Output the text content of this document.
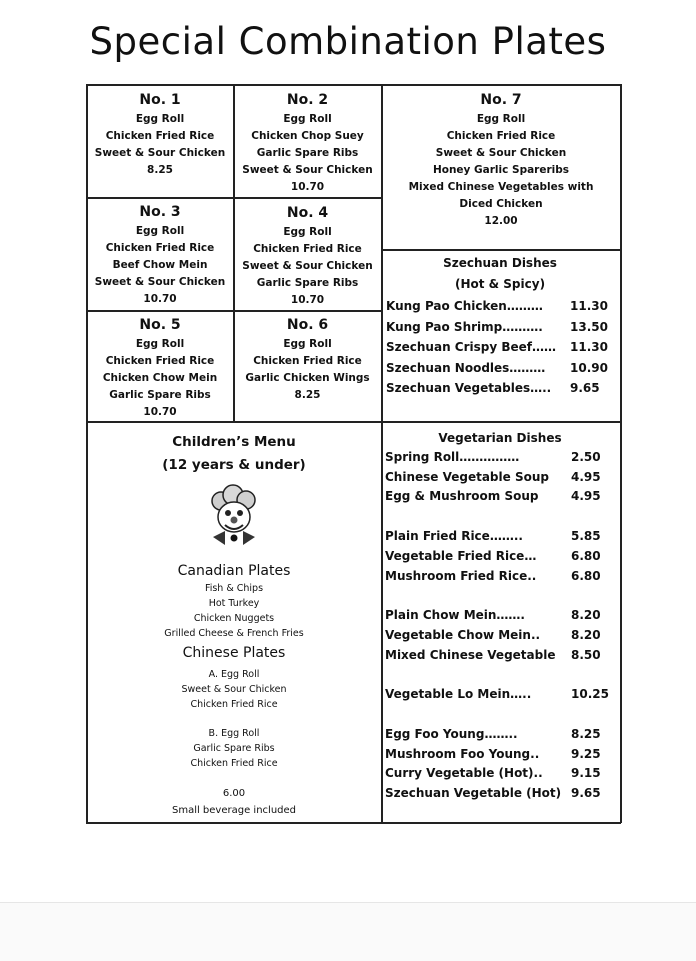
Special Combination Plates
No. 1
Egg Roll
Chicken Fried Rice
Sweet & Sour Chicken
8.25
No. 2
Egg Roll
Chicken Chop Suey
Garlic Spare Ribs
Sweet & Sour Chicken
10.70
No. 3
Egg Roll
Chicken Fried Rice
Beef Chow Mein
Sweet & Sour Chicken
10.70
No. 4
Egg Roll
Chicken Fried Rice
Sweet & Sour Chicken
Garlic Spare Ribs
10.70
No. 5
Egg Roll
Chicken Fried Rice
Chicken Chow Mein
Garlic Spare Ribs
10.70
No. 6
Egg Roll
Chicken Fried Rice
Garlic Chicken Wings
8.25
No. 7
Egg Roll
Chicken Fried Rice
Sweet & Sour Chicken
Honey Garlic Spareribs
Mixed Chinese Vegetables with
Diced Chicken
12.00
Szechuan Dishes
(Hot & Spicy)
Kung Pao Chicken……… 11.30
Kung Pao Shrimp………. 13.50
Szechuan Crispy Beef…… 11.30
Szechuan Noodles……… 10.90
Szechuan Vegetables….. 9.65
Children’s Menu
(12 years & under)
Canadian Plates
Fish & Chips
Hot Turkey
Chicken Nuggets
Grilled Cheese & French Fries
Chinese Plates
A. Egg Roll
Sweet & Sour Chicken
Chicken Fried Rice
B. Egg Roll
Garlic Spare Ribs
Chicken Fried Rice
6.00
Small beverage included
Vegetarian Dishes
Spring Roll……………	2.50
Chinese Vegetable Soup 4.95
Egg & Mushroom Soup	4.95
Plain Fried Rice……..	5.85
Vegetable Fried Rice…	6.80
Mushroom Fried Rice..	6.80
Plain Chow Mein…….	8.20
Vegetable Chow Mein..	8.20
Mixed Chinese Vegetable 8.50
Vegetable Lo Mein…..	10.25
Egg Foo Young……..	8.25
Mushroom Foo Young..	9.25
Curry Vegetable (Hot).. 9.15
Szechuan Vegetable (Hot) 9.65
